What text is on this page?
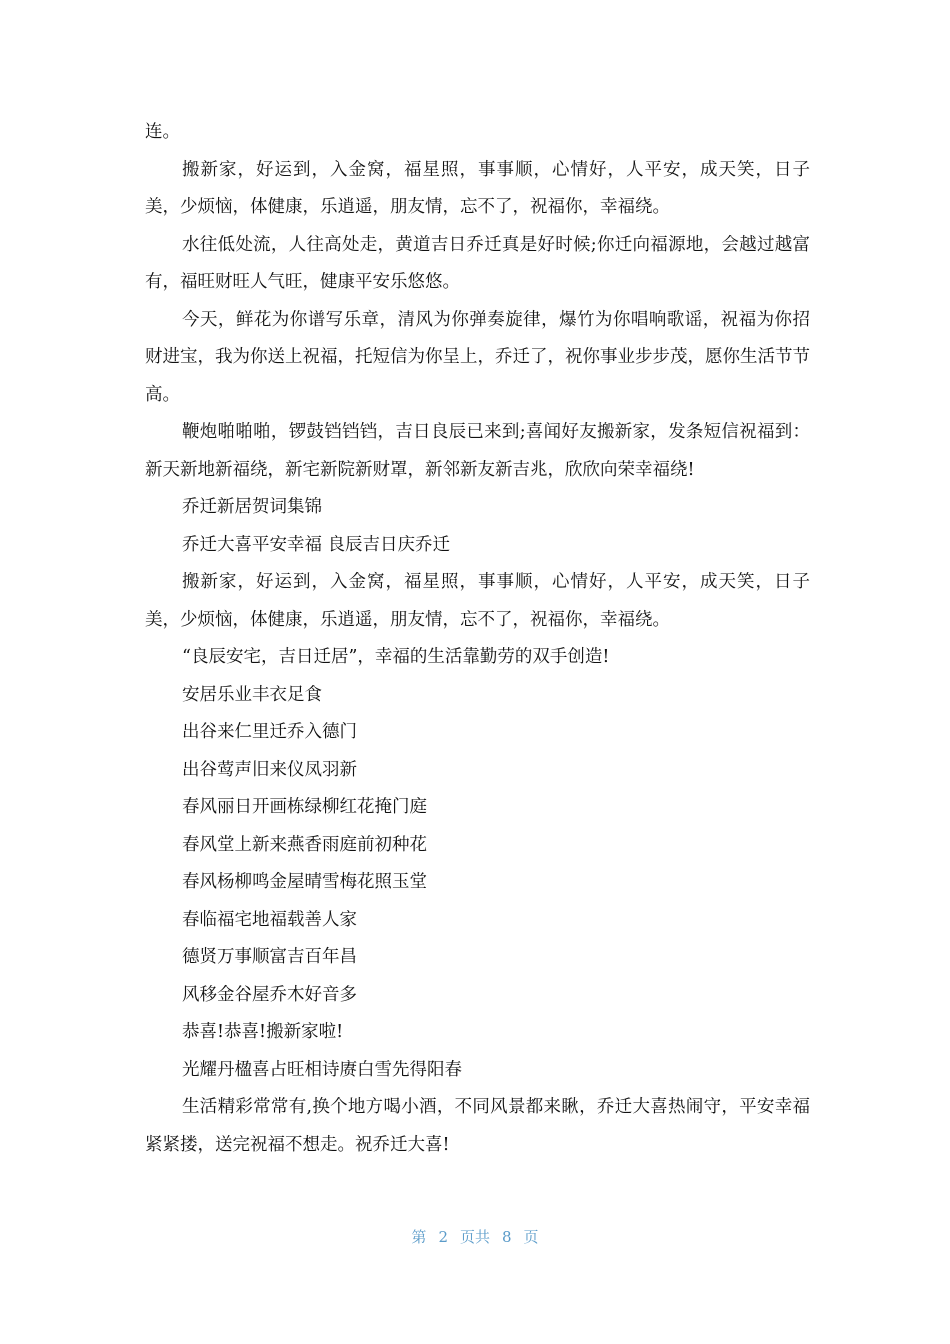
连。

搬新家，好运到，入金窝，福星照，事事顺，心情好，人平安，成天笑，日子美，少烦恼，体健康，乐逍遥，朋友情，忘不了，祝福你，幸福绕。

水往低处流，人往高处走，黄道吉日乔迁真是好时候;你迁向福源地，会越过越富有，福旺财旺人气旺，健康平安乐悠悠。

今天，鲜花为你谱写乐章，清风为你弹奏旋律，爆竹为你唱响歌谣，祝福为你招财进宝，我为你送上祝福，托短信为你呈上，乔迁了，祝你事业步步茂，愿你生活节节高。

鞭炮啪啪啪，锣鼓铛铛铛，吉日良辰已来到;喜闻好友搬新家，发条短信祝福到：新天新地新福绕，新宅新院新财罩，新邻新友新吉兆，欣欣向荣幸福绕!

乔迁新居贺词集锦

乔迁大喜平安幸福 良辰吉日庆乔迁

搬新家，好运到，入金窝，福星照，事事顺，心情好，人平安，成天笑，日子美，少烦恼，体健康，乐逍遥，朋友情，忘不了，祝福你，幸福绕。

“良辰安宅，吉日迁居”，幸福的生活靠勤劳的双手创造!

安居乐业丰衣足食

出谷来仁里迁乔入德门

出谷莺声旧来仪凤羽新

春风丽日开画栋绿柳红花掩门庭

春风堂上新来燕香雨庭前初种花

春风杨柳鸣金屋晴雪梅花照玉堂

春临福宅地福载善人家

德贤万事顺富吉百年昌

风移金谷屋乔木好音多

恭喜!恭喜!搬新家啦!

光耀丹楹喜占旺相诗赓白雪先得阳春

生活精彩常常有,换个地方喝小酒，不同风景都来瞅，乔迁大喜热闹守，平安幸福紧紧搂，送完祝福不想走。祝乔迁大喜!

第 2 页共 8 页
